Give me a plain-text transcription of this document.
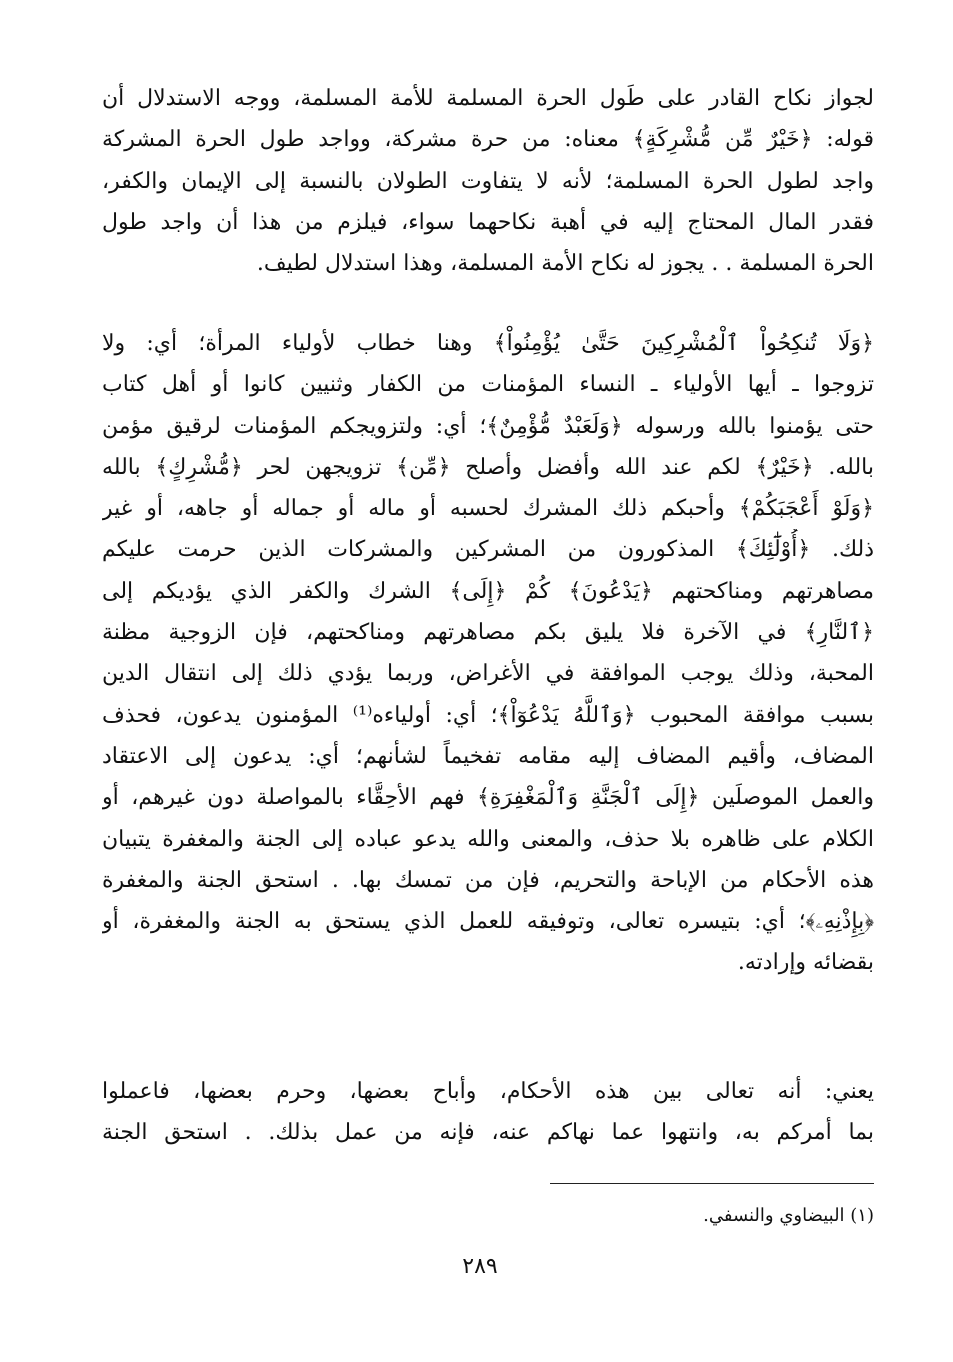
لجواز نكاح القادر على طَول الحرة المسلمة للأمة المسلمة، ووجه الاستدلال أن
قوله: ﴿خَيْرٌ مِّن مُّشْرِكَةٍ﴾ معناه: من حرة مشركة، وواجد طول الحرة المشركة
واجد لطول الحرة المسلمة؛ لأنه لا يتفاوت الطولان بالنسبة إلى الإيمان والكفر،
فقدر المال المحتاج إليه في أهبة نكاحهما سواء، فيلزم من هذا أن واجد طول
الحرة المسلمة . . يجوز له نكاح الأمة المسلمة، وهذا استدلال لطيف.
﴿وَلَا تُنكِحُواْ ٱلْمُشْرِكِينَ حَتَّىٰ يُؤْمِنُواْ﴾ وهنا خطاب لأولياء المرأة؛ أي: ولا
تزوجوا ـ أيها الأولياء ـ النساء المؤمنات من الكفار وثنيين كانوا أو أهل كتاب
حتى يؤمنوا بالله ورسوله ﴿وَلَعَبْدٌ مُّؤْمِنٌ﴾؛ أي: ولتزويجكم المؤمنات لرقيق مؤمن
بالله. ﴿خَيْرٌ﴾ لكم عند الله وأفضل وأصلح ﴿مِّن﴾ تزويجهن لحر ﴿مُّشْرِكٍ﴾ بالله
﴿وَلَوْ أَعْجَبَكُمْ﴾ وأحبكم ذلك المشرك لحسبه أو ماله أو جماله أو جاهه، أو غير
ذلك. ﴿أُوْلَٰٓئِكَ﴾ المذكورون من المشركين والمشركات الذين حرمت عليكم
مصاهرتهم ومناكحتهم ﴿يَدْعُونَ﴾ كُمْ ﴿إِلَى﴾ الشرك والكفر الذي يؤديكم إلى
﴿ٱلنَّارِ﴾ في الآخرة فلا يليق بكم مصاهرتهم ومناكحتهم، فإن الزوجية مظنة
المحبة، وذلك يوجب الموافقة في الأغراض، وربما يؤدي ذلك إلى انتقال الدين
بسبب موافقة المحبوب ﴿وَٱللَّهُ يَدْعُوٓاْ﴾؛ أي: أولياءه⁽¹⁾ المؤمنون يدعون، فحذف
المضاف، وأقيم المضاف إليه مقامه تفخيماً لشأنهم؛ أي: يدعون إلى الاعتقاد
والعمل الموصلَين ﴿إِلَى ٱلْجَنَّةِ وَٱلْمَغْفِرَةِ﴾ فهم الأحِقَّاء بالمواصلة دون غيرهم، أو
الكلام على ظاهره بلا حذف، والمعنى والله يدعو عباده إلى الجنة والمغفرة يتبيان
هذه الأحكام من الإباحة والتحريم، فإن من تمسك بها. . استحق الجنة والمغفرة
﴿بِإِذْنِهِۦ﴾؛ أي: بتيسره تعالى، وتوفيقه للعمل الذي يستحق به الجنة والمغفرة، أو
بقضائه وإرادته.
يعني: أنه تعالى بين هذه الأحكام، وأباح بعضها، وحرم بعضها، فاعملوا
بما أمركم به، وانتهوا عما نهاكم عنه، فإنه من عمل بذلك. . استحق الجنة
(١) البيضاوي والنسفي.
٢٨٩
